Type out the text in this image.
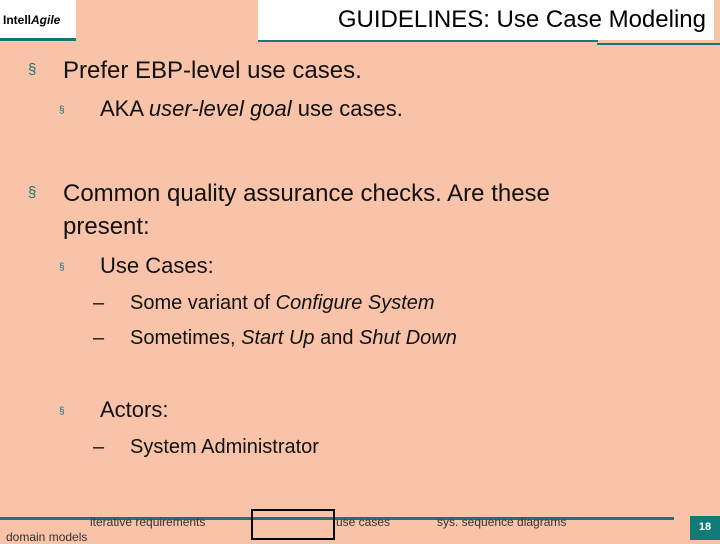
IntellAgile	GUIDELINES: Use Case Modeling
§ Prefer EBP-level use cases.
§ AKA user-level goal use cases.
§ Common quality assurance checks. Are these
present:
§ Use Cases:
– Some variant of Configure System
– Sometimes, Start Up and Shut Down
§ Actors:
– System Administrator
iterative requirements
domain models
use cases	sys. sequence diagrams	18
